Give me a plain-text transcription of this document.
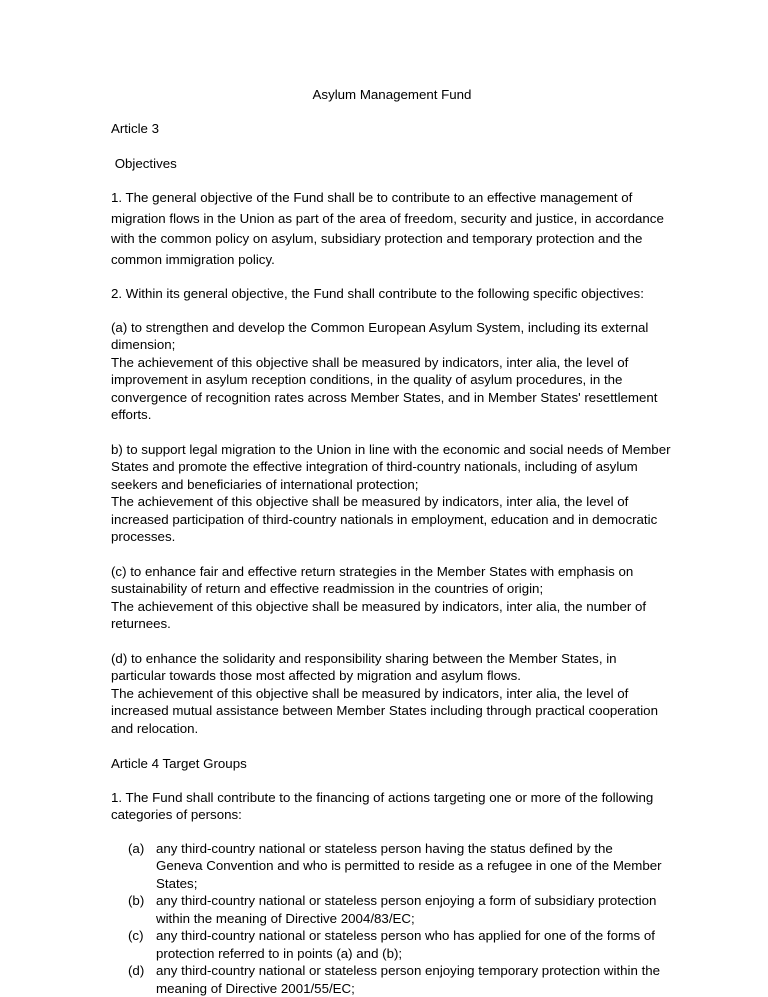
Asylum Management Fund

Article 3

Objectives

1. The general objective of the Fund shall be to contribute to an effective management of migration flows in the Union as part of the area of freedom, security and justice, in accordance with the common policy on asylum, subsidiary protection and temporary protection and the common immigration policy.

2. Within its general objective, the Fund shall contribute to the following specific objectives:

(a) to strengthen and develop the Common European Asylum System, including its external dimension;
The achievement of this objective shall be measured by indicators, inter alia, the level of improvement in asylum reception conditions, in the quality of asylum procedures, in the convergence of recognition rates across Member States, and in Member States' resettlement efforts.

b) to support legal migration to the Union in line with the economic and social needs of Member States and promote the effective integration of third-country nationals, including of asylum seekers and beneficiaries of international protection;
The achievement of this objective shall be measured by indicators, inter alia, the level of increased participation of third-country nationals in employment, education and in democratic processes.

(c) to enhance fair and effective return strategies in the Member States with emphasis on sustainability of return and effective readmission in the countries of origin;
The achievement of this objective shall be measured by indicators, inter alia, the number of returnees.

(d) to enhance the solidarity and responsibility sharing between the Member States, in particular towards those most affected by migration and asylum flows.
The achievement of this objective shall be measured by indicators, inter alia, the level of increased mutual assistance between Member States including through practical cooperation and relocation.

Article 4 Target Groups

1. The Fund shall contribute to the financing of actions targeting one or more of the following categories of persons:

(a) any third-country national or stateless person having the status defined by the Geneva Convention and who is permitted to reside as a refugee in one of the Member States;
(b) any third-country national or stateless person enjoying a form of subsidiary protection within the meaning of Directive 2004/83/EC;
(c) any third-country national or stateless person who has applied for one of the forms of protection referred to in points (a) and (b);
(d) any third-country national or stateless person enjoying temporary protection within the meaning of Directive 2001/55/EC;
